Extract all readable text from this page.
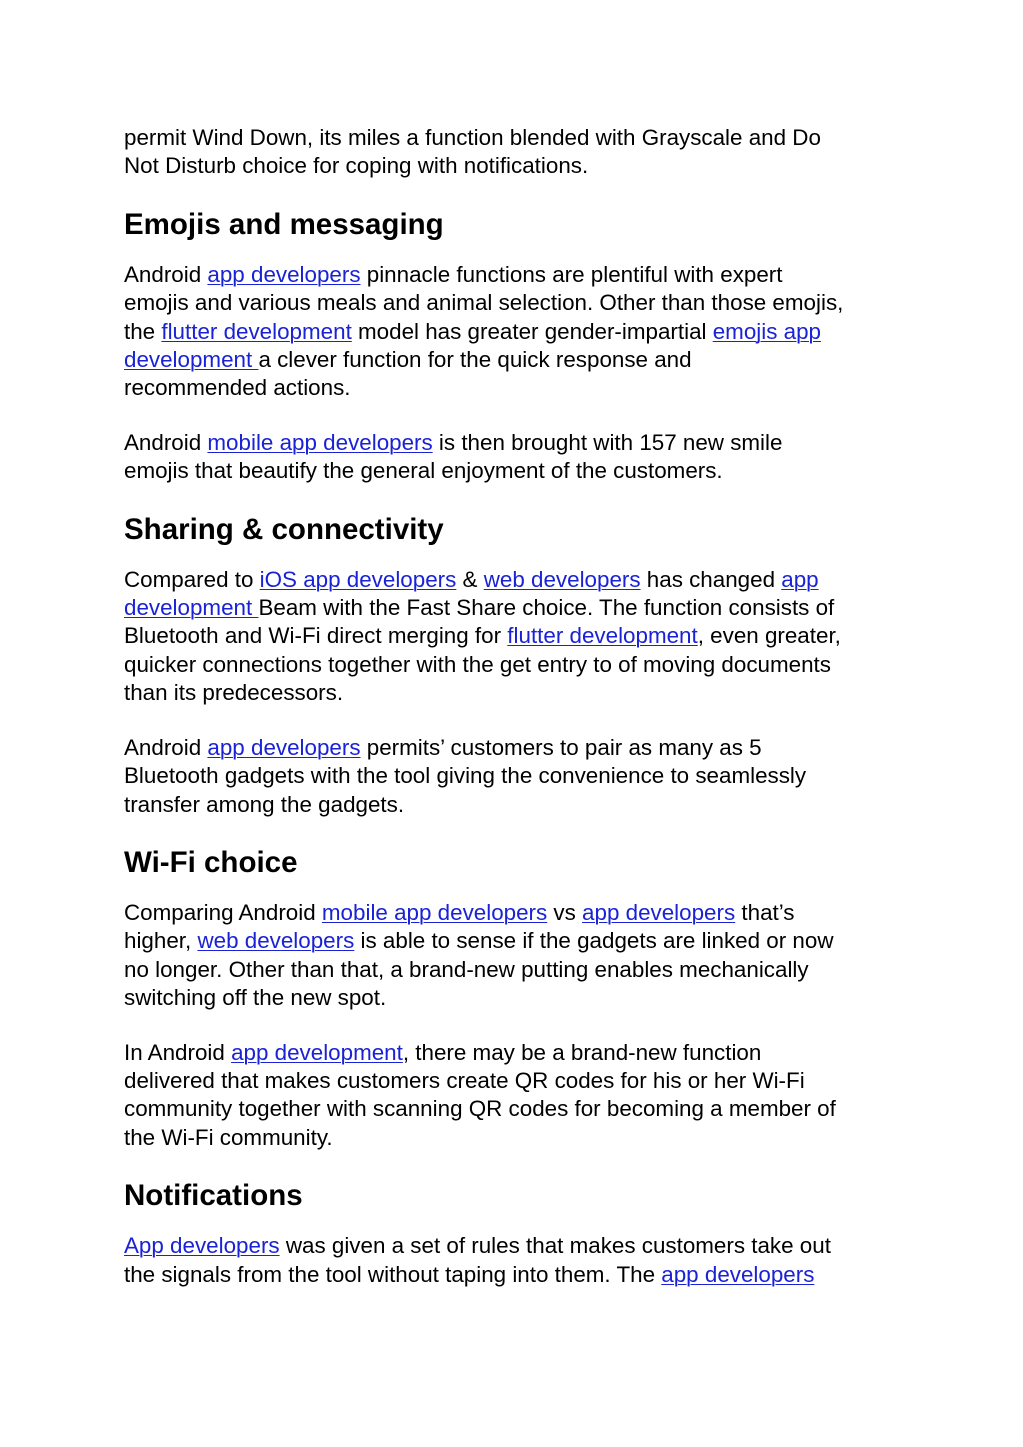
permit Wind Down, its miles a function blended with Grayscale and Do
Not Disturb choice for coping with notifications.

Emojis and messaging

Android app developers pinnacle functions are plentiful with expert
emojis and various meals and animal selection. Other than those emojis,
the flutter development model has greater gender-impartial emojis app
development a clever function for the quick response and
recommended actions.

Android mobile app developers is then brought with 157 new smile
emojis that beautify the general enjoyment of the customers.

Sharing & connectivity

Compared to iOS app developers & web developers has changed app
development Beam with the Fast Share choice. The function consists of
Bluetooth and Wi-Fi direct merging for flutter development, even greater,
quicker connections together with the get entry to of moving documents
than its predecessors.

Android app developers permits’ customers to pair as many as 5
Bluetooth gadgets with the tool giving the convenience to seamlessly
transfer among the gadgets.

Wi-Fi choice

Comparing Android mobile app developers vs app developers that’s
higher, web developers is able to sense if the gadgets are linked or now
no longer. Other than that, a brand-new putting enables mechanically
switching off the new spot.

In Android app development, there may be a brand-new function
delivered that makes customers create QR codes for his or her Wi-Fi
community together with scanning QR codes for becoming a member of
the Wi-Fi community.

Notifications

App developers was given a set of rules that makes customers take out
the signals from the tool without taping into them. The app developers
